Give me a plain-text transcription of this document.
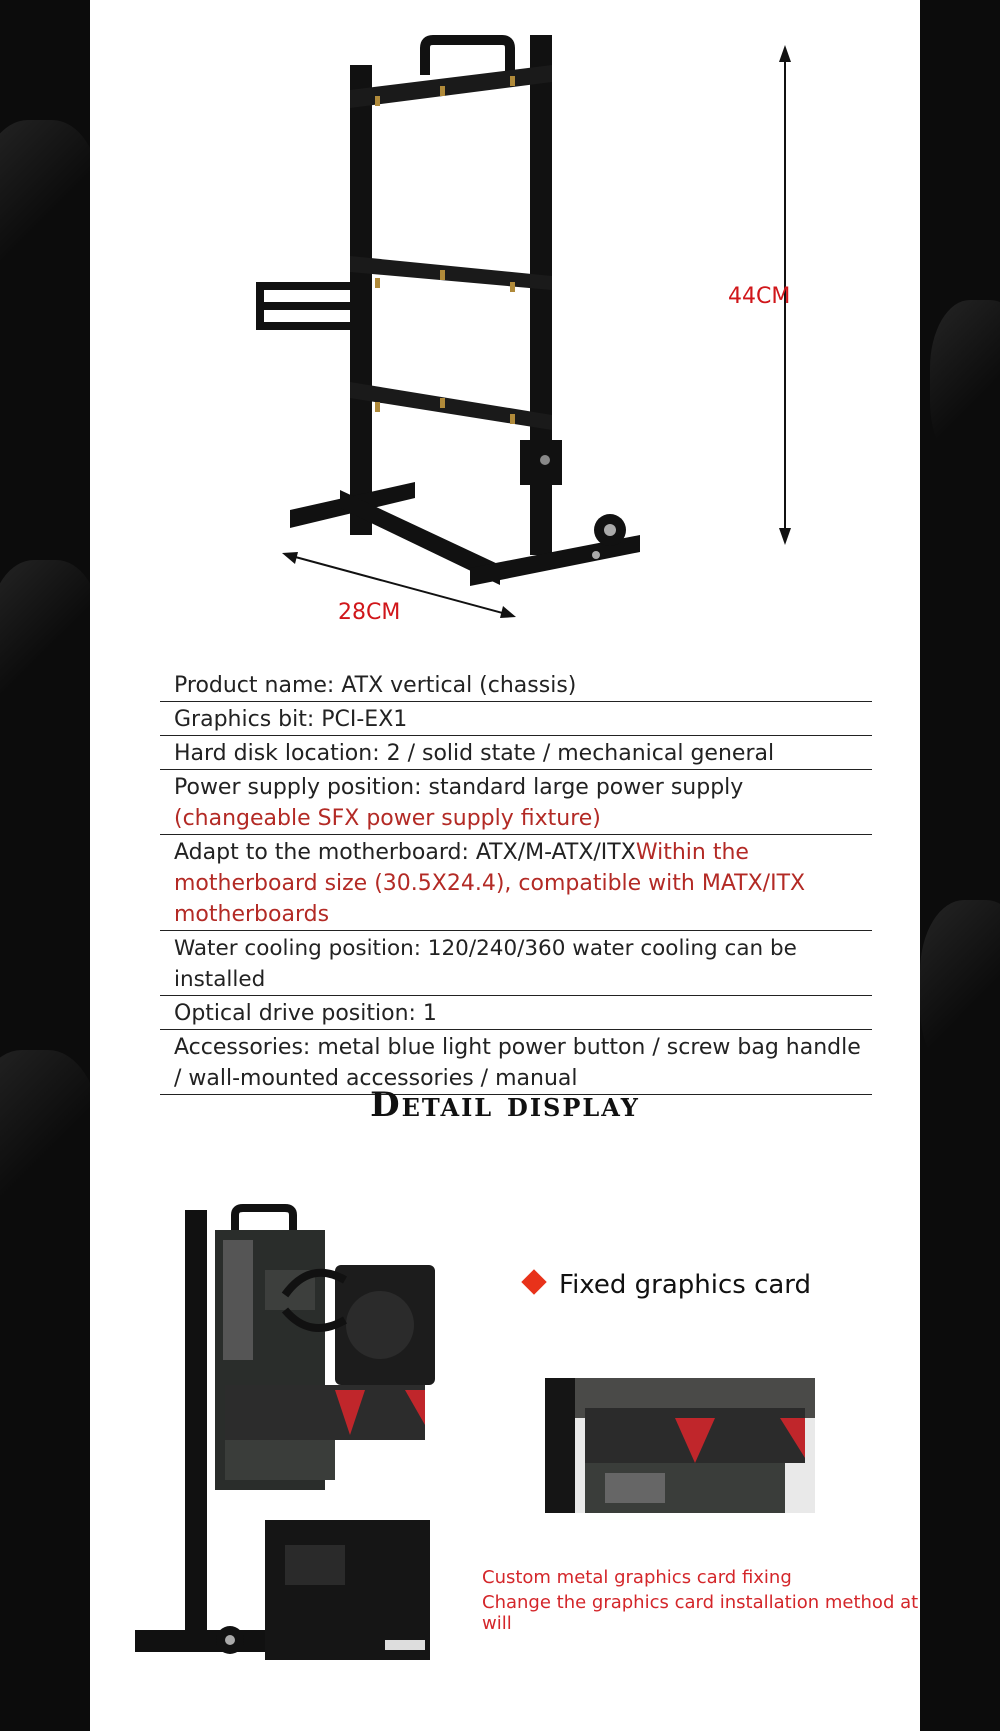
44CM
28CM
Product name: ATX vertical (chassis)
Graphics bit: PCI-EX1
Hard disk location: 2 / solid state / mechanical general
Power supply position: standard large power supply
(changeable SFX power supply fixture)
Adapt to the motherboard: ATX/M-ATX/ITXWithin the motherboard size (30.5X24.4), compatible with MATX/ITX motherboards
Water cooling position: 120/240/360 water cooling can be installed
Optical drive position: 1
Accessories: metal blue light power button / screw bag handle / wall-mounted accessories / manual
Detail display
Fixed graphics card
Custom metal graphics card fixing
Change the graphics card installation method at will
